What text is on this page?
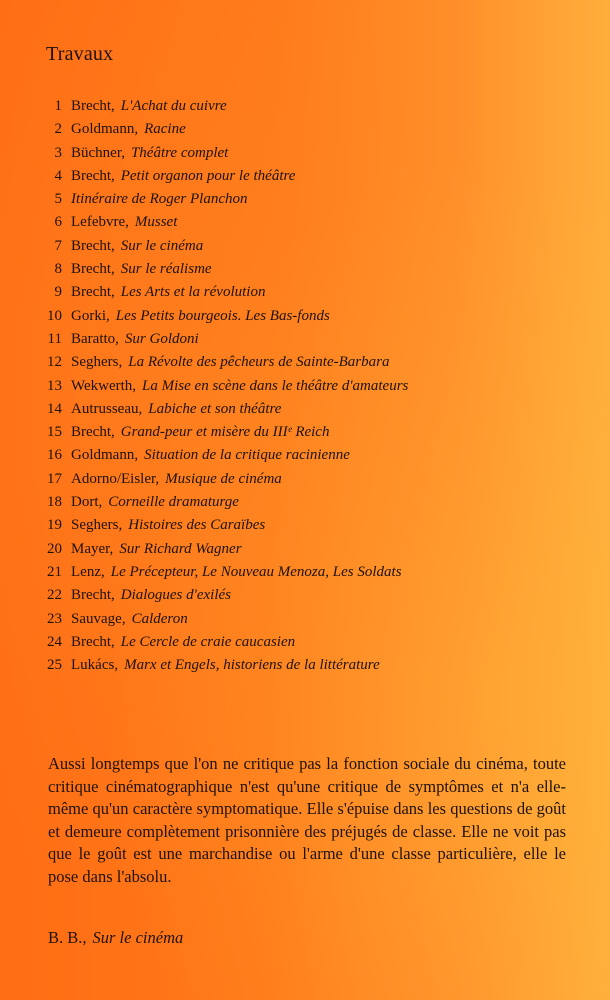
Travaux
1 Brecht, L'Achat du cuivre
2 Goldmann, Racine
3 Büchner, Théâtre complet
4 Brecht, Petit organon pour le théâtre
5 Itinéraire de Roger Planchon
6 Lefebvre, Musset
7 Brecht, Sur le cinéma
8 Brecht, Sur le réalisme
9 Brecht, Les Arts et la révolution
10 Gorki, Les Petits bourgeois. Les Bas-fonds
11 Baratto, Sur Goldoni
12 Seghers, La Révolte des pêcheurs de Sainte-Barbara
13 Wekwerth, La Mise en scène dans le théâtre d'amateurs
14 Autrusseau, Labiche et son théâtre
15 Brecht, Grand-peur et misère du IIIᵉ Reich
16 Goldmann, Situation de la critique racinienne
17 Adorno/Eisler, Musique de cinéma
18 Dort, Corneille dramaturge
19 Seghers, Histoires des Caraïbes
20 Mayer, Sur Richard Wagner
21 Lenz, Le Précepteur, Le Nouveau Menoza, Les Soldats
22 Brecht, Dialogues d'exilés
23 Sauvage, Calderon
24 Brecht, Le Cercle de craie caucasien
25 Lukács, Marx et Engels, historiens de la littérature

Aussi longtemps que l'on ne critique pas la fonction sociale du cinéma, toute critique cinématographique n'est qu'une critique de symptômes et n'a elle-même qu'un caractère symptomatique. Elle s'épuise dans les questions de goût et demeure complètement prisonnière des préjugés de classe. Elle ne voit pas que le goût est une marchandise ou l'arme d'une classe particulière, elle le pose dans l'absolu.

B. B., Sur le cinéma
